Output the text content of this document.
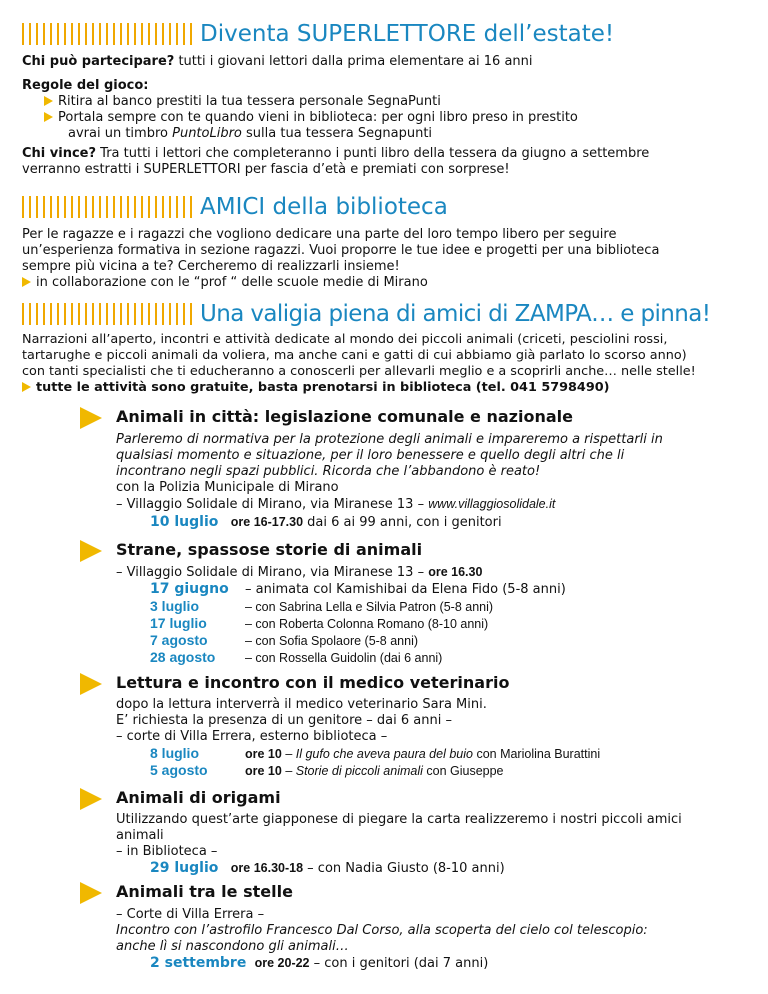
Diventa SUPERLETTORE dell’estate!
Chi può partecipare? tutti i giovani lettori dalla prima elementare ai 16 anni
Regole del gioco:
Ritira al banco prestiti la tua tessera personale SegnaPunti
Portala sempre con te quando vieni in biblioteca: per ogni libro preso in prestito
avrai un timbro PuntoLibro sulla tua tessera Segnapunti
Chi vince? Tra tutti i lettori che completeranno i punti libro della tessera da giugno a settembre
verranno estratti i SUPERLETTORI per fascia d’età e premiati con sorprese!
AMICI della biblioteca
Per le ragazze e i ragazzi che vogliono dedicare una parte del loro tempo libero per seguire
un’esperienza formativa in sezione ragazzi. Vuoi proporre le tue idee e progetti per una biblioteca
sempre più vicina a te? Cercheremo di realizzarli insieme!
in collaborazione con le “prof “ delle scuole medie di Mirano
Una valigia piena di amici di ZAMPA… e pinna!
Narrazioni all’aperto, incontri e attività dedicate al mondo dei piccoli animali (criceti, pesciolini rossi,
tartarughe e piccoli animali da voliera, ma anche cani e gatti di cui abbiamo già parlato lo scorso anno)
con tanti specialisti che ti educheranno a conoscerli per allevarli meglio e a scoprirli anche… nelle stelle!
tutte le attività sono gratuite, basta prenotarsi in biblioteca (tel. 041 5798490)
Animali in città: legislazione comunale e nazionale
Parleremo di normativa per la protezione degli animali e impareremo a rispettarli in
qualsiasi momento e situazione, per il loro benessere e quello degli altri che li
incontrano negli spazi pubblici. Ricorda che l’abbandono è reato!
con la Polizia Municipale di Mirano
– Villaggio Solidale di Mirano, via Miranese 13 – www.villaggiosolidale.it
10 luglio ore 16-17.30 dai 6 ai 99 anni, con i genitori
Strane, spassose storie di animali
– Villaggio Solidale di Mirano, via Miranese 13 – ore 16.30
17 giugno – animata col Kamishibai da Elena Fido (5-8 anni)
3 luglio	– con Sabrina Lella e Silvia Patron (5-8 anni)
17 luglio	– con Roberta Colonna Romano (8-10 anni)
7 agosto	– con Sofia Spolaore (5-8 anni)
28 agosto – con Rossella Guidolin (dai 6 anni)
Lettura e incontro con il medico veterinario
dopo la lettura interverrà il medico veterinario Sara Mini.
E’ richiesta la presenza di un genitore – dai 6 anni –
– corte di Villa Errera, esterno biblioteca –
8 luglio	ore 10 – Il gufo che aveva paura del buio con Mariolina Burattini
5 agosto	ore 10 – Storie di piccoli animali con Giuseppe
Animali di origami
Utilizzando quest’arte giapponese di piegare la carta realizzeremo i nostri piccoli amici
animali
– in Biblioteca –
29 luglio ore 16.30-18 – con Nadia Giusto (8-10 anni)
Animali tra le stelle
– Corte di Villa Errera –
Incontro con l’astrofilo Francesco Dal Corso, alla scoperta del cielo col telescopio:
anche lì si nascondono gli animali…
2 settembre ore 20-22 – con i genitori (dai 7 anni)
